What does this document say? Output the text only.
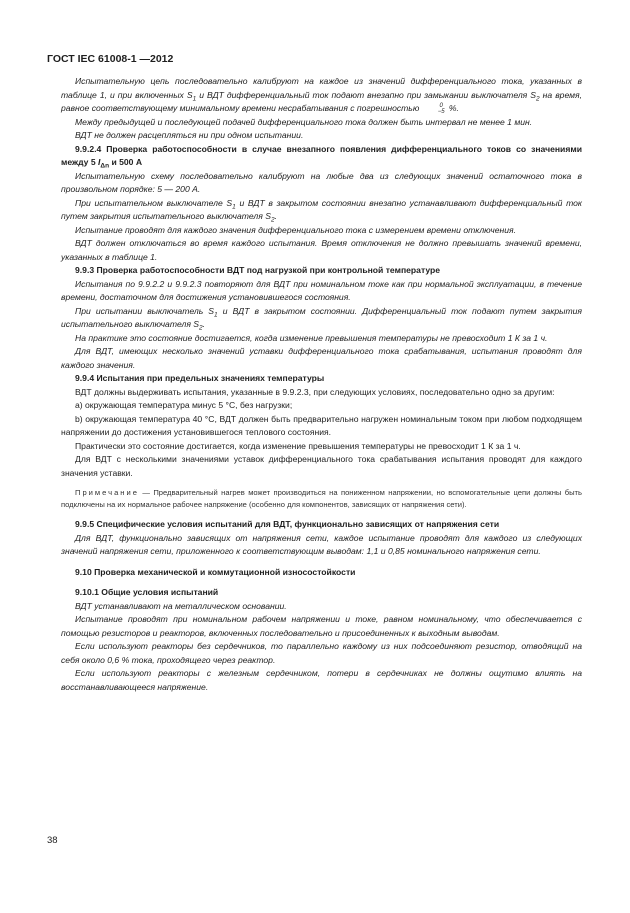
ГОСТ IEC 61008-1 —2012

Испытательную цепь последовательно калибруют на каждое из значений дифференциального тока, указанных в таблице 1, и при включенных $S_1$ и ВДТ дифференциальный ток подают внезапно при замыкании выключателя $S_2$ на время, равное соответствующему минимальному времени несрабатывания с погрешностью	0
−5 %.

Между предыдущей и последующей подачей дифференциального тока должен быть интервал не менее 1 мин.

ВДТ не должен расцепляться ни при одном испытании.

9.9.2.4 Проверка работоспособности в случае внезапного появления дифференциального токов со значениями между 5 $I_{\Delta n}$ и 500 А

Испытательную схему последовательно калибруют на любые два из следующих значений остаточного тока в произвольном порядке: 5 — 200 А.

При испытательном выключателе $S_1$ и ВДТ в закрытом состоянии внезапно устанавливают дифференциальный ток путем закрытия испытательного выключателя $S_2$.

Испытание проводят для каждого значения дифференциального тока с измерением времени отключения.

ВДТ должен отключаться во время каждого испытания. Время отключения не должно превышать значений времени, указанных в таблице 1.

9.9.3 Проверка работоспособности ВДТ под нагрузкой при контрольной температуре

Испытания по 9.9.2.2 и 9.9.2.3 повторяют для ВДТ при номинальном токе как при нормальной эксплуатации, в течение времени, достаточном для достижения установившегося состояния.

При испытании выключатель $S_1$ и ВДТ в закрытом состоянии. Дифференциальный ток подают путем закрытия испытательного выключателя $S_2$.

На практике это состояние достигается, когда изменение превышения температуры не превосходит 1 К за 1 ч.

Для ВДТ, имеющих несколько значений уставки дифференциального тока срабатывания, испытания проводят для каждого значения.

9.9.4 Испытания при предельных значениях температуры

ВДТ должны выдерживать испытания, указанные в 9.9.2.3, при следующих условиях, последовательно одно за другим:

a) окружающая температура минус 5 °С, без нагрузки;

b) окружающая температура 40 °С, ВДТ должен быть предварительно нагружен номинальным током при любом подходящем напряжении до достижения установившегося теплового состояния.

Практически это состояние достигается, когда изменение превышения температуры не превосходит 1 К за 1 ч.

Для ВДТ с несколькими значениями уставок дифференциального тока срабатывания испытания проводят для каждого значения уставки.

Примечание — Предварительный нагрев может производиться на пониженном напряжении, но вспомогательные цепи должны быть подключены на их нормальное рабочее напряжение (особенно для компонентов, зависящих от напряжения сети).

9.9.5 Специфические условия испытаний для ВДТ, функционально зависящих от напряжения сети

Для ВДТ, функционально зависящих от напряжения сети, каждое испытание проводят для каждого из следующих значений напряжения сети, приложенного к соответствующим выводам: 1,1 и 0,85 номинального напряжения сети.

9.10 Проверка механической и коммутационной износостойкости

9.10.1 Общие условия испытаний

ВДТ устанавливают на металлическом основании.

Испытание проводят при номинальном рабочем напряжении и токе, равном номинальному, что обеспечивается с помощью резисторов и реакторов, включенных последовательно и присоединенных к выходным выводам.

Если используют реакторы без сердечников, то параллельно каждому из них подсоединяют резистор, отводящий на себя около 0,6 % тока, проходящего через реактор.

Если используют реакторы с железным сердечником, потери в сердечниках не должны ощутимо влиять на восстанавливающееся напряжение.

38
